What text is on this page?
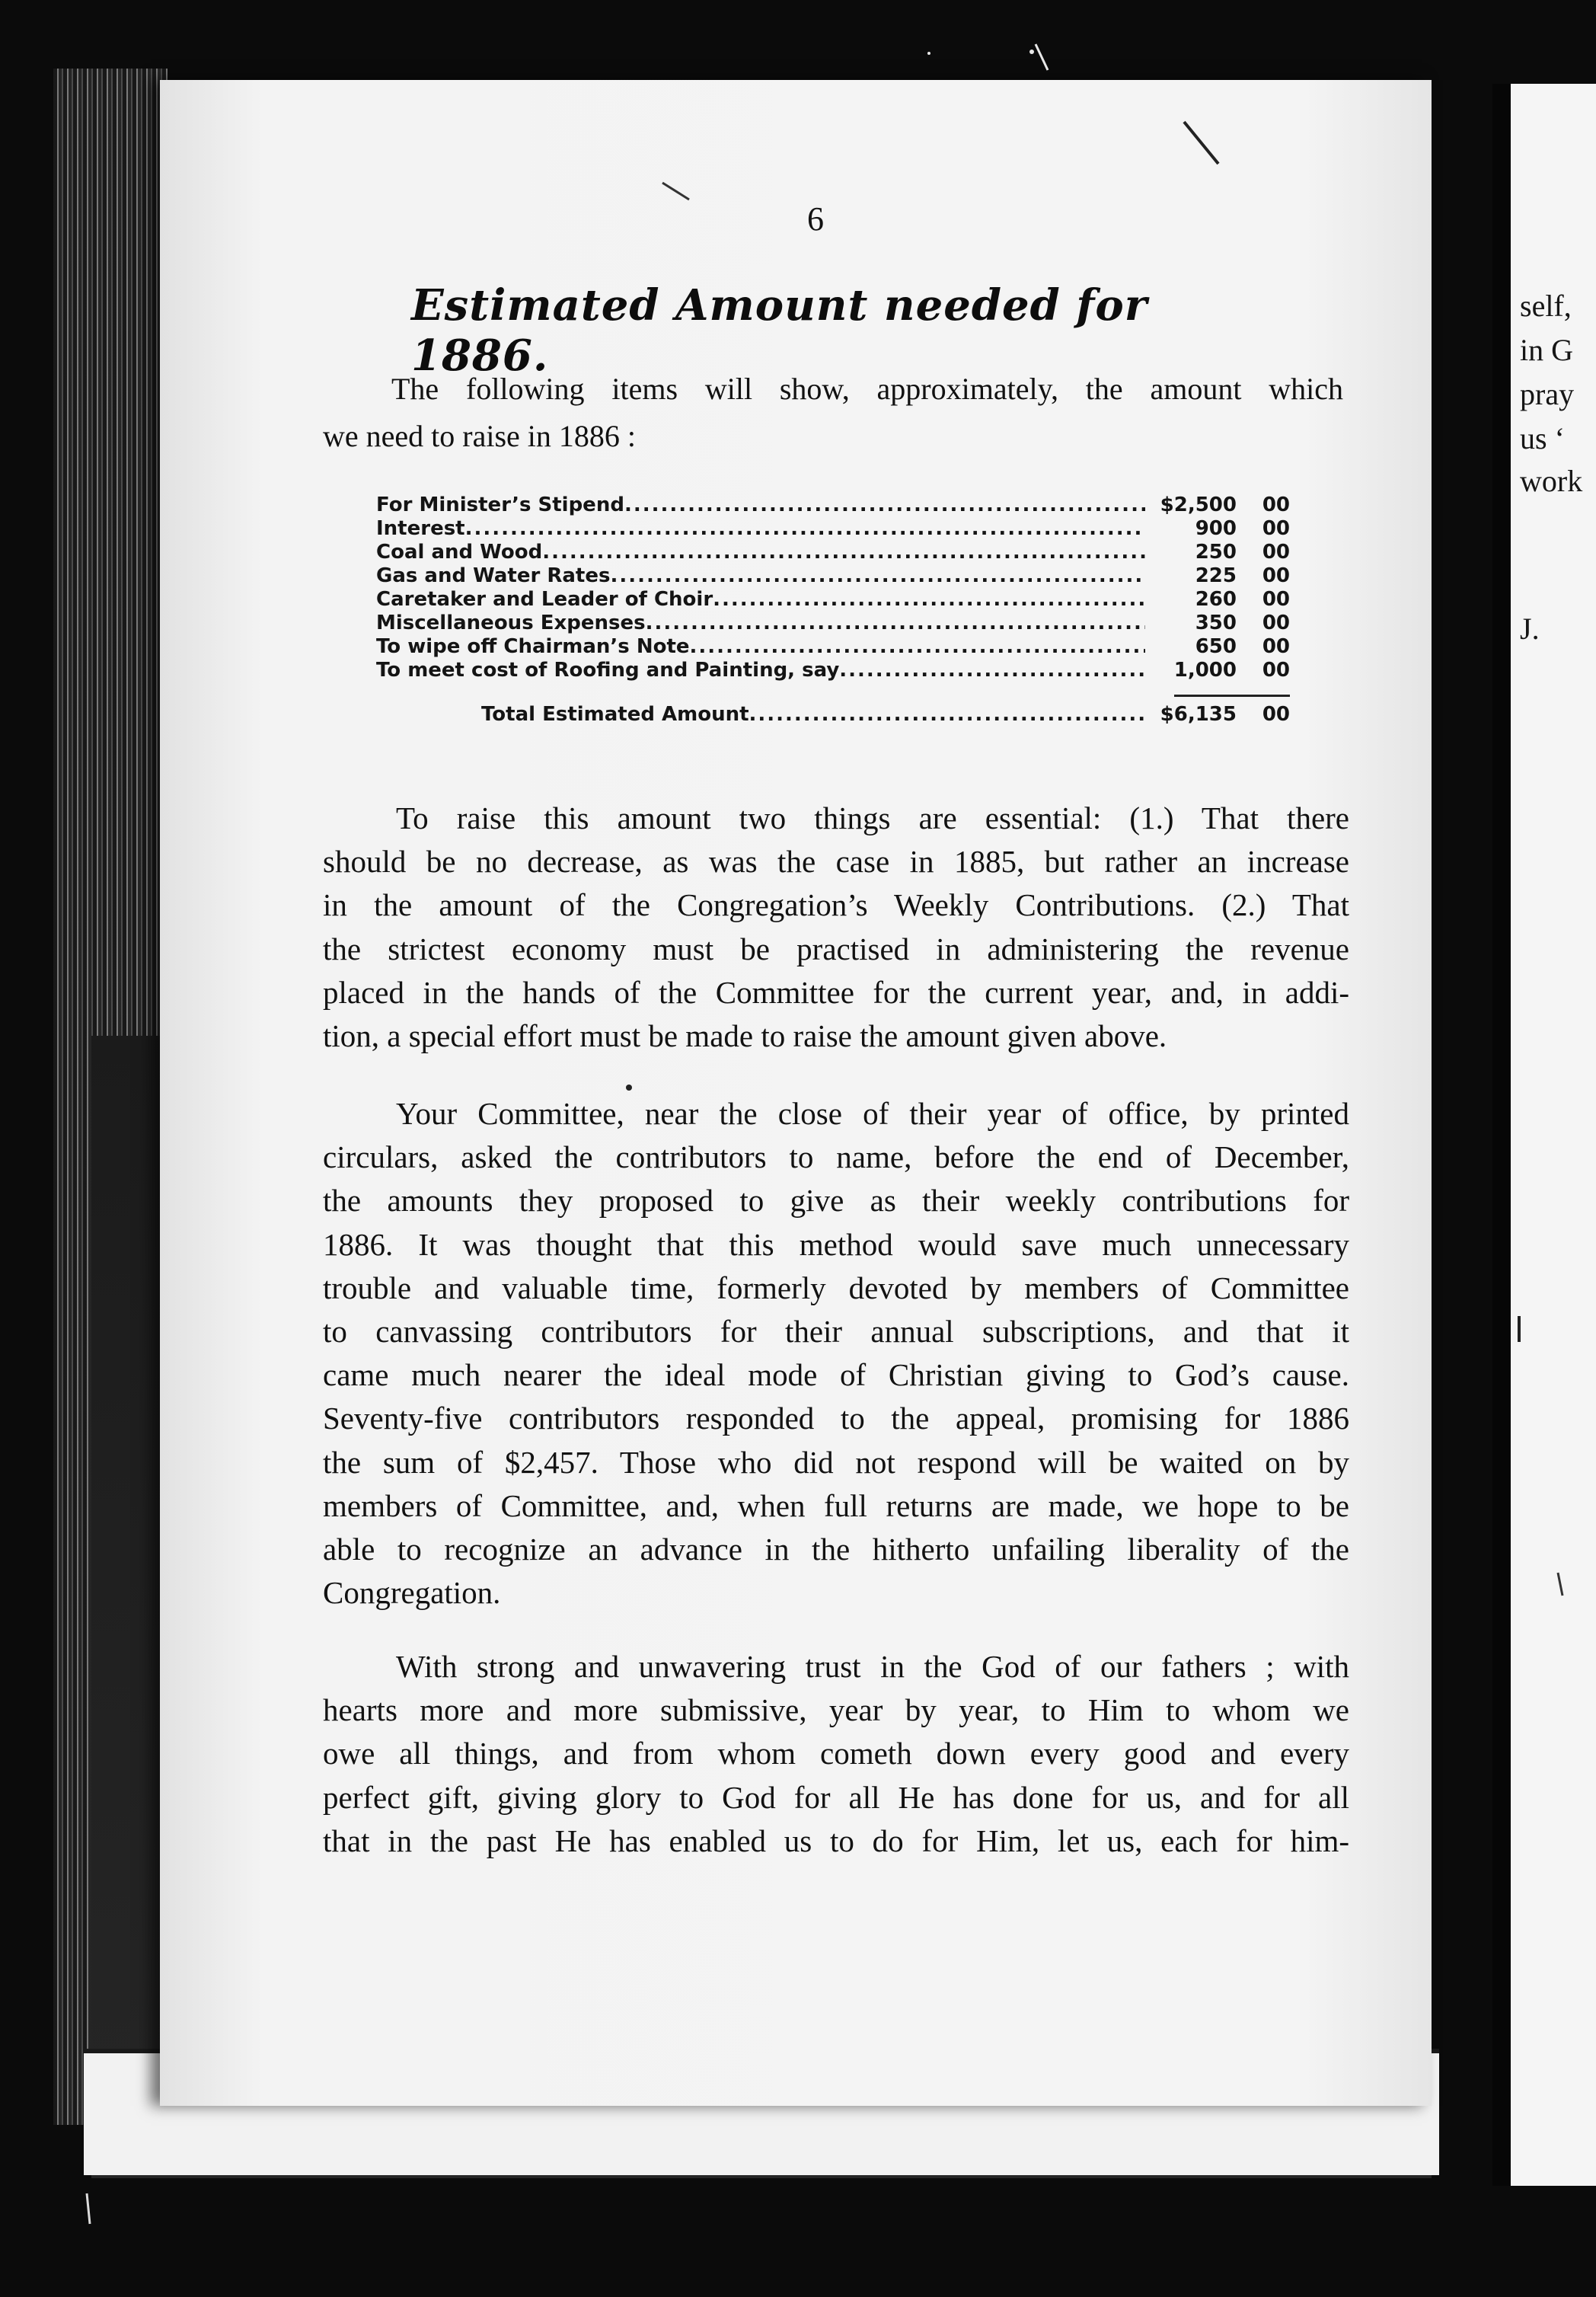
self,
in G
pray
us ‘
work
J.
6
Estimated Amount needed for 1886.
The following items will show, approximately, the amount which
we need to raise in 1886 :
For Minister’s Stipend .....	$2,500	00
Interest .....	900	00
Coal and Wood .....	250	00
Gas and Water Rates .....	225	00
Caretaker and Leader of Choir .....	260	00
Miscellaneous Expenses .....	350	00
To wipe off Chairman’s Note .....	650	00
To meet cost of Roofing and Painting, say .....	1,000	00
Total Estimated Amount .....	$6,135	00
To raise this amount two things are essential: (1.) That there
should be no decrease, as was the case in 1885, but rather an increase
in the amount of the Congregation’s Weekly Contributions. (2.) That
the strictest economy must be practised in administering the revenue
placed in the hands of the Committee for the current year, and, in addi-
tion, a special effort must be made to raise the amount given above.
Your Committee, near the close of their year of office, by printed
circulars, asked the contributors to name, before the end of December,
the amounts they proposed to give as their weekly contributions for
1886. It was thought that this method would save much unnecessary
trouble and valuable time, formerly devoted by members of Committee
to canvassing contributors for their annual subscriptions, and that it
came much nearer the ideal mode of Christian giving to God’s cause.
Seventy-five contributors responded to the appeal, promising for 1886
the sum of $2,457. Those who did not respond will be waited on by
members of Committee, and, when full returns are made, we hope to be
able to recognize an advance in the hitherto unfailing liberality of the
Congregation.
With strong and unwavering trust in the God of our fathers ; with
hearts more and more submissive, year by year, to Him to whom we
owe all things, and from whom cometh down every good and every
perfect gift, giving glory to God for all He has done for us, and for all
that in the past He has enabled us to do for Him, let us, each for him-
